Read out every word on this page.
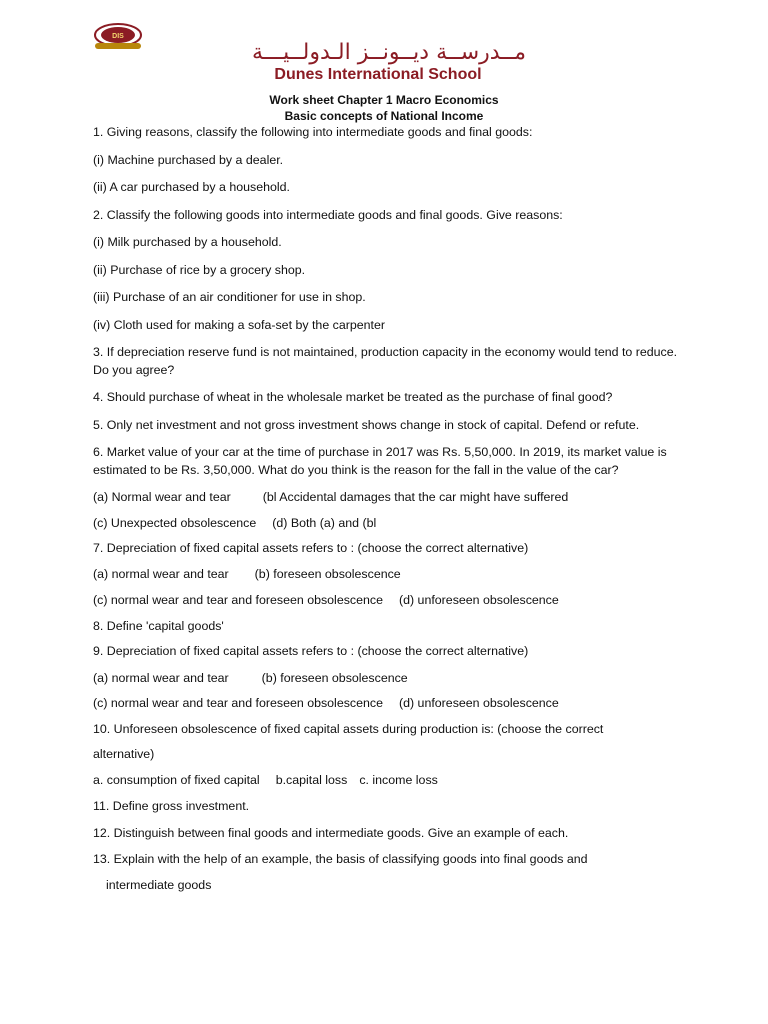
DIS
مــدرســة ديــونــز الـدولــيـــة
Dunes International School
Work sheet Chapter 1 Macro Economics
Basic concepts of National Income

1. Giving reasons, classify the following into intermediate goods and final goods:

(i) Machine purchased by a dealer.

(ii) A car purchased by a household.

2. Classify the following goods into intermediate goods and final goods. Give reasons:

(i) Milk purchased by a household.

(ii) Purchase of rice by a grocery shop.

(iii) Purchase of an air conditioner for use in shop.

(iv) Cloth used for making a sofa-set by the carpenter

3. If depreciation reserve fund is not maintained, production capacity in the economy would tend to reduce. Do you agree?

4. Should purchase of wheat in the wholesale market be treated as the purchase of final good?

5. Only net investment and not gross investment shows change in stock of capital. Defend or refute.

6. Market value of your car at the time of purchase in 2017 was Rs. 5,50,000. In 2019, its market value is estimated to be Rs. 3,50,000. What do you think is the reason for the fall in the value of the car?

(a) Normal wear and tear	(bl Accidental damages that the car might have suffered
(c) Unexpected obsolescence (d) Both (a) and (bl

7. Depreciation of fixed capital assets refers to : (choose the correct alternative)

(a) normal wear and tear (b) foreseen obsolescence
(c) normal wear and tear and foreseen obsolescence (d) unforeseen obsolescence

8. Define 'capital goods'

9. Depreciation of fixed capital assets refers to : (choose the correct alternative)

(a) normal wear and tear	(b) foreseen obsolescence
(c) normal wear and tear and foreseen obsolescence (d) unforeseen obsolescence

10. Unforeseen obsolescence of fixed capital assets during production is: (choose the correct

alternative)

a. consumption of fixed capital b.capital loss c. income loss

11. Define gross investment.

12. Distinguish between final goods and intermediate goods. Give an example of each.

13. Explain with the help of an example, the basis of classifying goods into final goods and

intermediate goods
